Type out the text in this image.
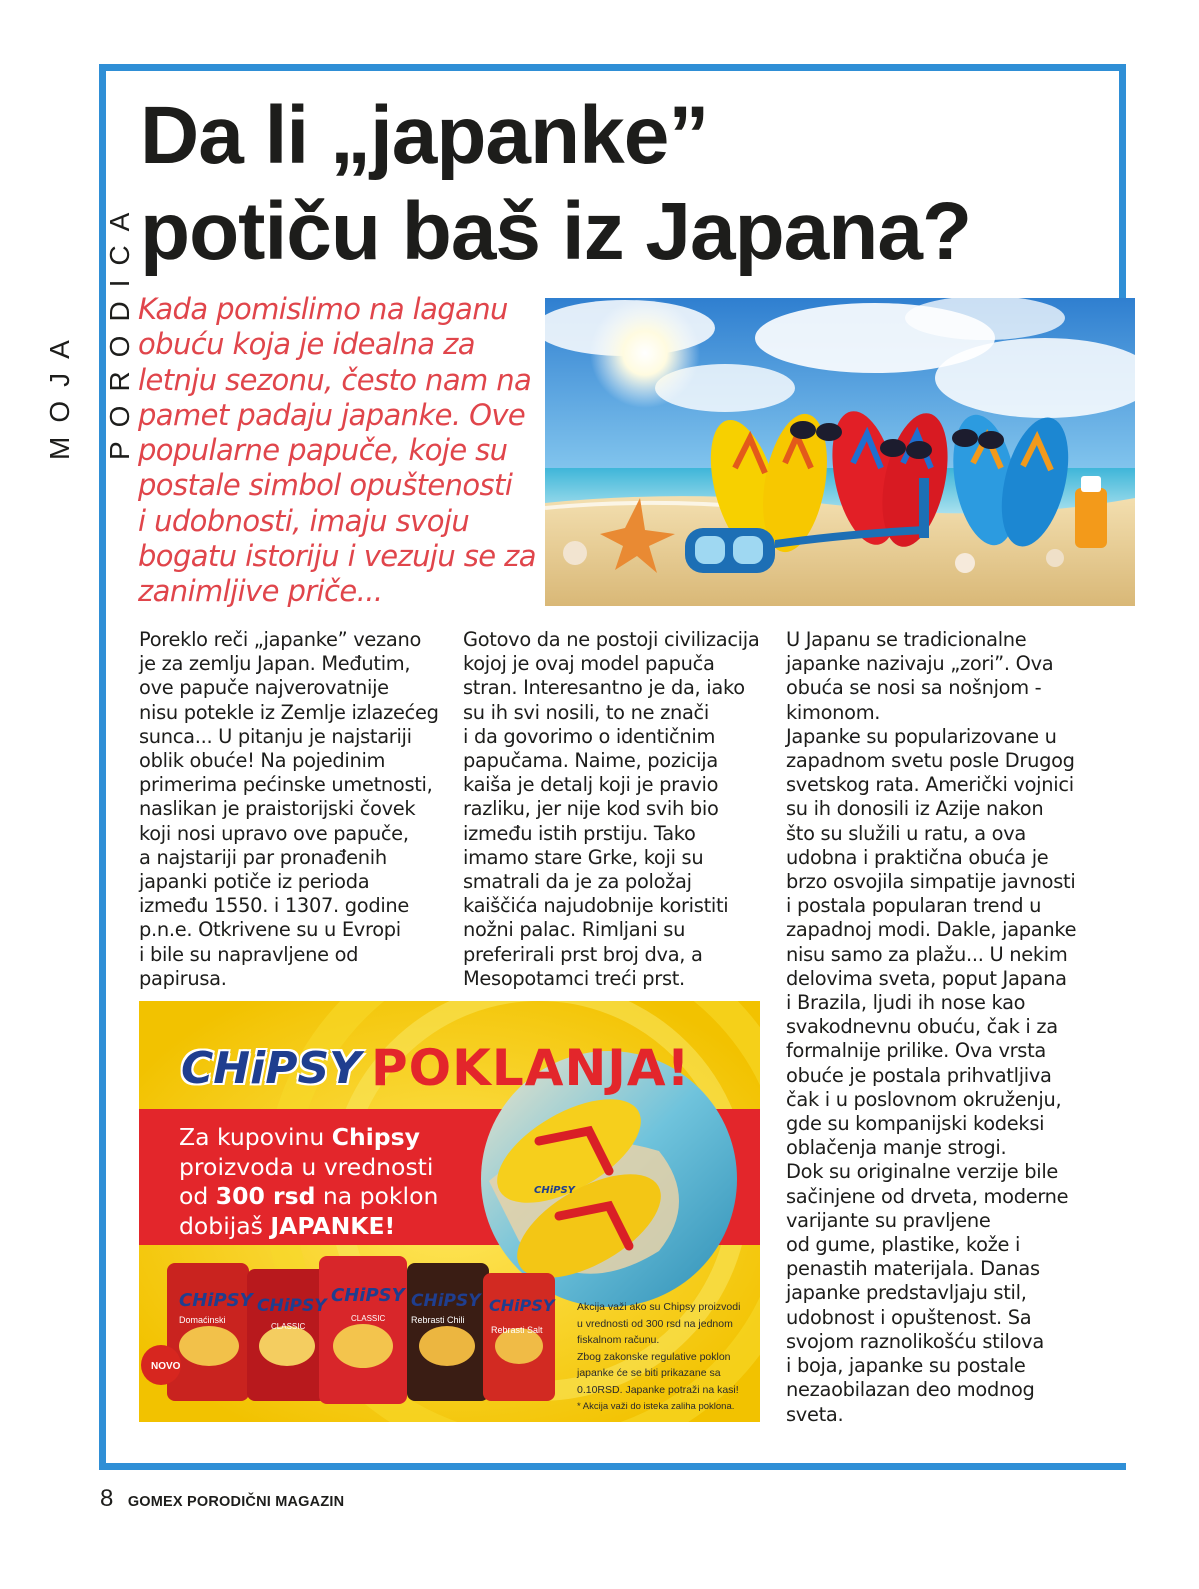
MOJA PORODICA
Da li „japanke”
potiču baš iz Japana?
Kada pomislimo na laganu
obuću koja je idealna za
letnju sezonu, često nam na
pamet padaju japanke. Ove
popularne papuče, koje su
postale simbol opuštenosti
i udobnosti, imaju svoju
bogatu istoriju i vezuju se za
zanimljive priče...
Poreklo reči „japanke” vezano
je za zemlju Japan. Međutim,
ove papuče najverovatnije
nisu potekle iz Zemlje izlazećeg
sunca... U pitanju je najstariji
oblik obuće! Na pojedinim
primerima pećinske umetnosti,
naslikan je praistorijski čovek
koji nosi upravo ove papuče,
a najstariji par pronađenih
japanki potiče iz perioda
između 1550. i 1307. godine
p.n.e. Otkrivene su u Evropi
i bile su napravljene od
papirusa.
Gotovo da ne postoji civilizacija
kojoj je ovaj model papuča
stran. Interesantno je da, iako
su ih svi nosili, to ne znači
i da govorimo o identičnim
papučama. Naime, pozicija
kaiša je detalj koji je pravio
razliku, jer nije kod svih bio
između istih prstiju. Tako
imamo stare Grke, koji su
smatrali da je za položaj
kaiščića najudobnije koristiti
nožni palac. Rimljani su
preferirali prst broj dva, a
Mesopotamci treći prst.
U Japanu se tradicionalne
japanke nazivaju „zori”. Ova
obuća se nosi sa nošnjom -
kimonom.
Japanke su popularizovane u
zapadnom svetu posle Drugog
svetskog rata. Američki vojnici
su ih donosili iz Azije nakon
što su služili u ratu, a ova
udobna i praktična obuća je
brzo osvojila simpatije javnosti
i postala popularan trend u
zapadnoj modi. Dakle, japanke
nisu samo za plažu... U nekim
delovima sveta, poput Japana
i Brazila, ljudi ih nose kao
svakodnevnu obuću, čak i za
formalnije prilike. Ova vrsta
obuće je postala prihvatljiva
čak i u poslovnom okruženju,
gde su kompanijski kodeksi
oblačenja manje strogi.
Dok su originalne verzije bile
sačinjene od drveta, moderne
varijante su pravljene
od gume, plastike, kože i
penastih materijala. Danas
japanke predstavljaju stil,
udobnost i opuštenost. Sa
svojom raznolikošću stilova
i boja, japanke su postale
nezaobilazan deo modnog
sveta.
NOVO
CHiPSY CHiPSY CHiPSY CHiPSY CHiPSY
Domaćinski
CLASSIC
CLASSIC	Rebrasti Chili
Rebrasti Salt
CHiPSY
CHiPSY POKLANJA!
Za kupovinu Chipsy
proizvoda u vrednosti
od 300 rsd na poklon
dobijaš JAPANKE!
Akcija važi ako su Chipsy proizvodi
u vrednosti od 300 rsd na jednom
fiskalnom računu.
Zbog zakonske regulative poklon
japanke će se biti prikazane sa
0.10RSD. Japanke potraži na kasi!
* Akcija važi do isteka zaliha poklona.
8 GOMEX PORODIČNI MAGAZIN
